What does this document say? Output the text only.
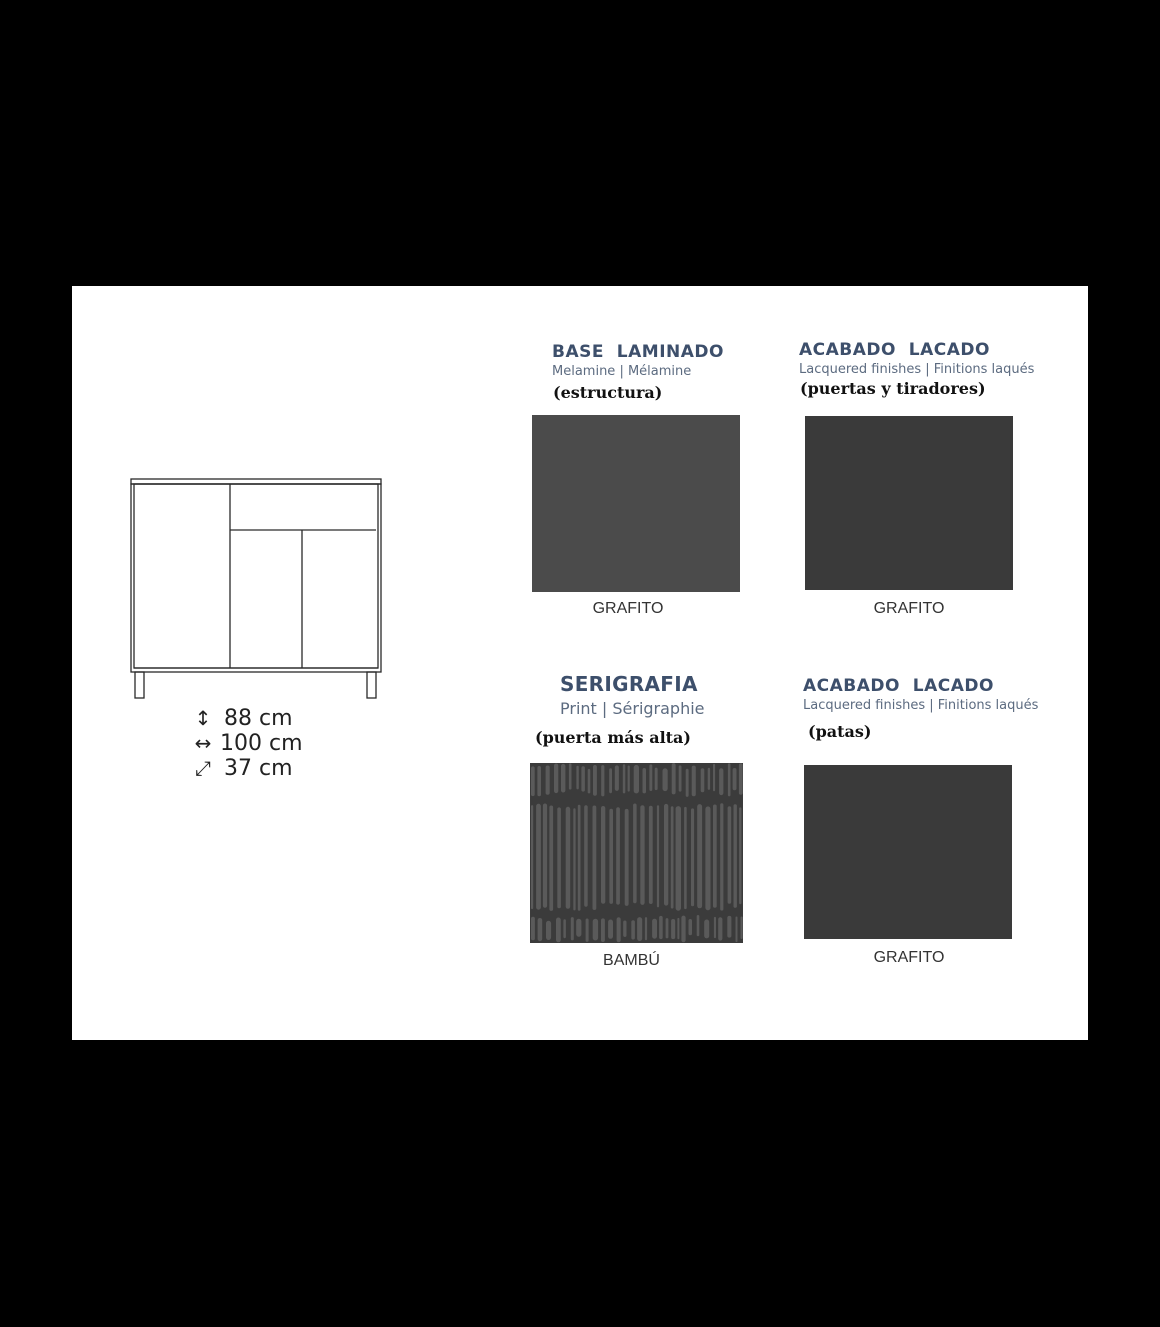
↕ 88 cm
↔ 100 cm
⤢ 37 cm
BASE  LAMINADO
Melamine | Mélamine
(estructura)
GRAFITO
ACABADO  LACADO
Lacquered finishes | Finitions laqués
(puertas y tiradores)
GRAFITO
SERIGRAFIA
Print | Sérigraphie
(puerta más alta)
BAMBÚ
ACABADO  LACADO
Lacquered finishes | Finitions laqués
(patas)
GRAFITO
